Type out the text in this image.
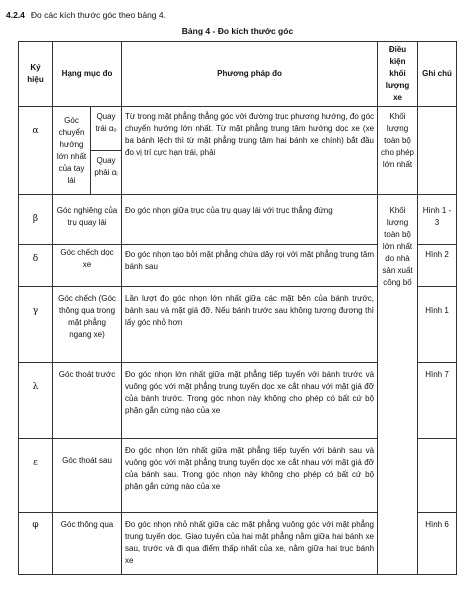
4.2.4 Đo các kích thước góc theo bảng 4.
Bảng 4 - Đo kích thước góc
Ký hiệu	Hạng mục đo		Phương pháp đo	Điều kiện khối lượng xe	Ghi chú
α	Góc chuyển hướng lớn nhất của tay lái	Quay trái αₒ	Từ trong mặt phẳng thẳng góc với đường trục phương hướng, đo góc chuyển hướng lớn nhất. Từ mặt phẳng trung tâm hướng dọc xe (xe ba bánh lệch thì từ mặt phẳng trung tâm hai bánh xe chính) bắt đầu đo vị trí cực hạn trái, phải	Khối lượng toàn bộ cho phép lớn nhất	
		Quay phải αᵢ			
β	Góc nghiêng của trụ quay lái		Đo góc nhọn giữa trục của trụ quay lái với trục thẳng đứng	Khối lượng toàn bộ lớn nhất do nhà sản xuất công bố	Hình 1 - 3
δ	Góc chếch dọc xe		Đo góc nhọn tạo bởi mặt phẳng chứa dây rọi với mặt phẳng trung tâm bánh sau		Hình 2
γ	Góc chếch (Góc thông qua trong mặt phẳng ngang xe)		Lần lượt đo góc nhọn lớn nhất giữa các mặt bên của bánh trước, bánh sau và mặt giá đỡ. Nếu bánh trước sau không tương đương thì lấy góc nhỏ hơn		Hình 1
λ	Góc thoát trước		Đo góc nhọn lớn nhất giữa mặt phẳng tiếp tuyến với bánh trước và vuông góc với mặt phẳng trung tuyến dọc xe cắt nhau với mặt giá đỡ của bánh trước. Trong góc nhọn này không cho phép có bất cứ bộ phận gắn cứng nào của xe		Hình 7
ε	Góc thoát sau		Đo góc nhọn lớn nhất giữa mặt phẳng tiếp tuyến với bánh sau và vuông góc với mặt phẳng trung tuyến dọc xe cắt nhau với mặt giá đỡ của bánh sau. Trong góc nhọn này không cho phép có bất cứ bộ phận gắn cứng nào của xe		
φ	Góc thông qua		Đo góc nhọn nhỏ nhất giữa các mặt phẳng vuông góc với mặt phẳng trung tuyến dọc. Giao tuyến của hai mặt phẳng nằm giữa hai bánh xe sau, trước và đi qua điểm thấp nhất của xe, nằm giữa hai trục bánh xe		Hình 6
